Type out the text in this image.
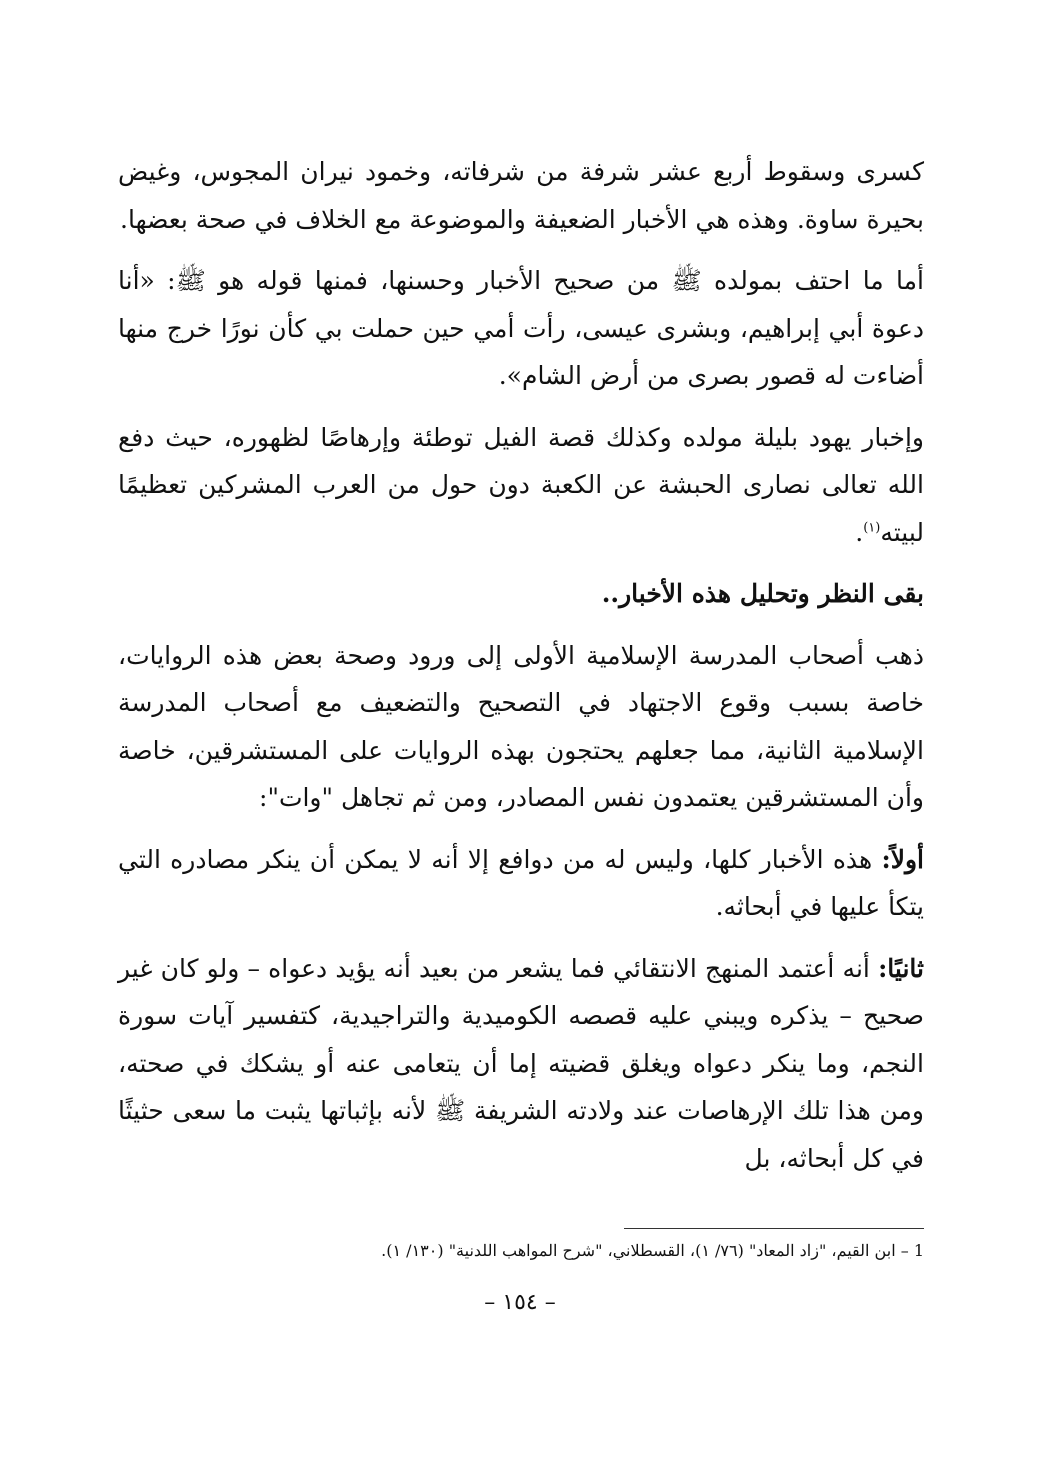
كسرى وسقوط أربع عشر شرفة من شرفاته، وخمود نيران المجوس، وغيض بحيرة ساوة. وهذه هي الأخبار الضعيفة والموضوعة مع الخلاف في صحة بعضها.

أما ما احتف بمولده ﷺ من صحيح الأخبار وحسنها، فمنها قوله هو ﷺ: «أنا دعوة أبي إبراهيم، وبشرى عيسى، رأت أمي حين حملت بي كأن نورًا خرج منها أضاءت له قصور بصرى من أرض الشام».

وإخبار يهود بليلة مولده وكذلك قصة الفيل توطئة وإرهاصًا لظهوره، حيث دفع الله تعالى نصارى الحبشة عن الكعبة دون حول من العرب المشركين تعظيمًا لبيته$^{(١)}$.

بقى النظر وتحليل هذه الأخبار..

ذهب أصحاب المدرسة الإسلامية الأولى إلى ورود وصحة بعض هذه الروايات، خاصة بسبب وقوع الاجتهاد في التصحيح والتضعيف مع أصحاب المدرسة الإسلامية الثانية، مما جعلهم يحتجون بهذه الروايات على المستشرقين، خاصة وأن المستشرقين يعتمدون نفس المصادر، ومن ثم تجاهل "وات":

أولاً: هذه الأخبار كلها، وليس له من دوافع إلا أنه لا يمكن أن ينكر مصادره التي يتكأ عليها في أبحاثه.

ثانيًا: أنه أعتمد المنهج الانتقائي فما يشعر من بعيد أنه يؤيد دعواه – ولو كان غير صحيح – يذكره ويبني عليه قصصه الكوميدية والتراجيدية، كتفسير آيات سورة النجم، وما ينكر دعواه ويغلق قضيته إما أن يتعامى عنه أو يشكك في صحته، ومن هذا تلك الإرهاصات عند ولادته الشريفة ﷺ لأنه بإثباتها يثبت ما سعى حثيثًا في كل أبحاثه، بل

1 – ابن القيم، "زاد المعاد" (٧٦/ ١)، القسطلاني، "شرح المواهب اللدنية" (١٣٠/ ١).

– ١٥٤ –
